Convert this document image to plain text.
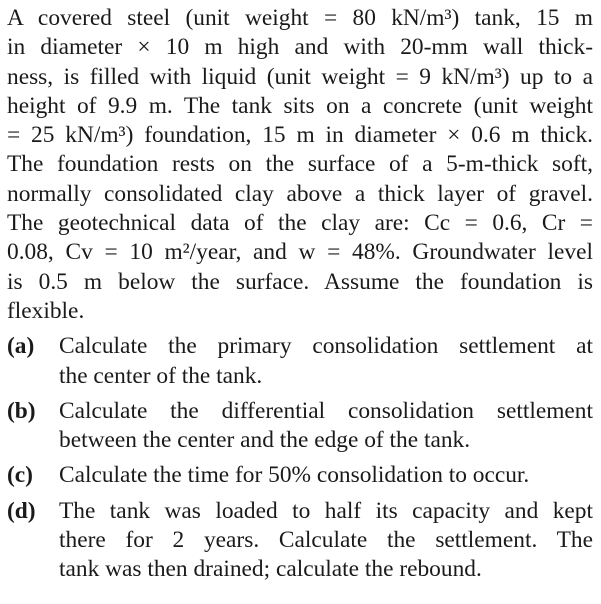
A covered steel (unit weight = 80 kN/m³) tank, 15 m
in diameter × 10 m high and with 20-mm wall thick-
ness, is filled with liquid (unit weight = 9 kN/m³) up to a
height of 9.9 m. The tank sits on a concrete (unit weight
= 25 kN/m³) foundation, 15 m in diameter × 0.6 m thick.
The foundation rests on the surface of a 5-m-thick soft,
normally consolidated clay above a thick layer of gravel.
The geotechnical data of the clay are: Cc = 0.6, Cr =
0.08, Cv = 10 m²/year, and w = 48%. Groundwater level
is 0.5 m below the surface. Assume the foundation is
flexible.

(a)	Calculate the primary consolidation settlement at
the center of the tank.
(b)	Calculate the differential consolidation settlement
between the center and the edge of the tank.
(c)	Calculate the time for 50% consolidation to occur.
(d)	The tank was loaded to half its capacity and kept
there for 2 years. Calculate the settlement. The
tank was then drained; calculate the rebound.
